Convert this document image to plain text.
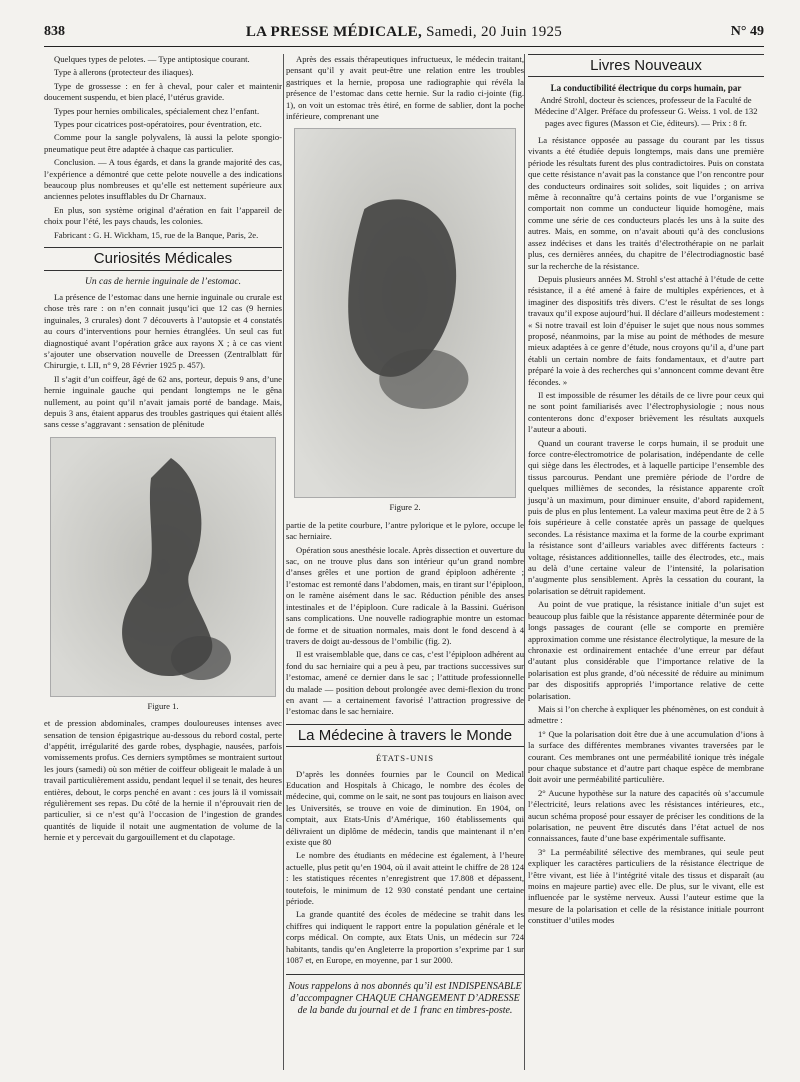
8​3​8	LA PRESSE MÉDICALE, Samedi, 20 Juin 1925	N° 49

Quelques types de pelotes. — Type antiptosique courant.

Type à allerons (protecteur des iliaques).

Type de grossesse : en fer à cheval, pour caler et maintenir doucement suspendu, et bien placé, l’utérus gravide.

Types pour hernies ombilicales, spécialement chez l’enfant.

Types pour cicatrices post-opératoires, pour éventration, etc.

Comme pour la sangle polyvalens, là aussi la pelote spongio-pneumatique peut être adaptée à chaque cas particulier.

Conclusion. — A tous égards, et dans la grande majorité des cas, l’expérience a démontré que cette pelote nouvelle a des indications beaucoup plus nombreuses et qu’elle est nettement supérieure aux anciennes pelotes insufflables du Dr Charnaux.

En plus, son système original d’aération en fait l’appareil de choix pour l’été, les pays chauds, les colonies.

Fabricant : G. H. Wickham, 15, rue de la Banque, Paris, 2e.

Curiosités Médicales
Un cas de hernie inguinale de l’estomac.

La présence de l’estomac dans une hernie inguinale ou crurale est chose très rare : on n’en connait jusqu’ici que 12 cas (9 hernies inguinales, 3 crurales) dont 7 découverts à l’autopsie et 4 constatés au cours d’interventions pour hernies étranglées. Un seul cas fut diagnostiqué avant l’opération grâce aux rayons X ; à ce cas vient s’ajouter une observation nouvelle de Dreessen (Zentralblatt für Chirurgie, t. LII, n° 9, 28 Février 1925 p. 457).

Il s’agit d’un coiffeur, âgé de 62 ans, porteur, depuis 9 ans, d’une hernie inguinale gauche qui pendant longtemps ne le gêna nullement, au point qu’il n’avait jamais porté de bandage. Mais, depuis 3 ans, étaient apparus des troubles gastriques qui étaient allés sans cesse s’aggravant : sensation de plénitude

Figure 1.

et de pression abdominales, crampes douloureuses intenses avec sensation de tension épigastrique au-dessous du rebord costal, perte d’appétit, irrégularité des garde robes, dysphagie, nausées, parfois vomissements profus. Ces derniers symptômes se montraient surtout les jours (samedi) où son métier de coiffeur obligeait le malade à un travail particulièrement assidu, pendant lequel il se tenait, des heures entières, debout, le corps penché en avant : ces jours là il vomissait régulièrement ses repas. Du côté de la hernie il n’éprouvait rien de particulier, si ce n’est qu’à l’occasion de l’ingestion de grandes quantités de liquide il notait une augmentation de volume de la hernie et y percevait du gargouillement et du clapotage.

Après des essais thérapeutiques infructueux, le médecin traitant, pensant qu’il y avait peut-être une relation entre les troubles gastriques et la hernie, proposa une radiographie qui révéla la présence de l’estomac dans cette hernie. Sur la radio ci-jointe (fig. 1), on voit un estomac très étiré, en forme de sablier, dont la poche inférieure, comprenant une

Figure 2.

partie de la petite courbure, l’antre pylorique et le pylore, occupe le sac herniaire.

Opération sous anesthésie locale. Après dissection et ouverture du sac, on ne trouve plus dans son intérieur qu’un grand nombre d’anses grêles et une portion de grand épiploon adhérente ; l’estomac est remonté dans l’abdomen, mais, en tirant sur l’épiploon, on le ramène aisément dans le sac. Réduction pénible des anses intestinales et de l’épiploon. Cure radicale à la Bassini. Guérison sans complications. Une nouvelle radiographie montre un estomac de forme et de situation normales, mais dont le fond descend à 4 travers de doigt au-dessous de l’ombilic (fig. 2).

Il est vraisemblable que, dans ce cas, c’est l’épiploon adhérent au fond du sac herniaire qui a peu à peu, par tractions successives sur l’estomac, amené ce dernier dans le sac ; l’attitude professionnelle du malade — position debout prolongée avec demi-flexion du tronc en avant — a certainement favorisé l’attraction progressive de l’estomac dans le sac herniaire.

La Médecine à travers le Monde
ÉTATS-UNIS

D’après les données fournies par le Council on Medical Education and Hospitals à Chicago, le nombre des écoles de médecine, qui, comme on le sait, ne sont pas toujours en liaison avec les Universités, se trouve en voie de diminution. En 1904, on comptait, aux Etats-Unis d’Amérique, 160 établissements qui délivraient un diplôme de médecin, tandis que maintenant il n’en existe que 80

Le nombre des étudiants en médecine est également, à l’heure actuelle, plus petit qu’en 1904, où il avait atteint le chiffre de 28 124 : les statistiques récentes n’enregistrent que 17.808 et dépassent, toutefois, le minimum de 12 930 constaté pendant une certaine période.

La grande quantité des écoles de médecine se trahit dans les chiffres qui indiquent le rapport entre la population générale et le corps médical. On compte, aux Etats Unis, un médecin sur 724 habitants, tandis qu’en Angleterre la proportion s’exprime par 1 sur 1087 et, en Europe, en moyenne, par 1 sur 2000.

Nous rappelons à nos abonnés qu’il est INDISPENSABLE d’accompagner CHAQUE CHANGEMENT D’ADRESSE de la bande du journal et de 1 franc en timbres-poste.
Livres Nouveaux
La conductibilité électrique du corps humain, par
André Strohl, docteur ès sciences, professeur de la Faculté de Médecine d’Alger. Préface du professeur G. Weiss. 1 vol. de 132 pages avec figures (Masson et Cie, éditeurs). — Prix : 8 fr.

La résistance opposée au passage du courant par les tissus vivants a été étudiée depuis longtemps, mais dans une première période les résultats furent des plus contradictoires. Puis on constata que cette résistance n’avait pas la constance que l’on rencontre pour des conducteurs ordinaires soit solides, soit liquides ; on arriva même à reconnaître qu’à certains points de vue l’organisme se comportait non comme un conducteur liquide homogène, mais comme une série de ces conducteurs placés les uns à la suite des autres. Mais, en somme, on n’avait abouti qu’à des conclusions assez indécises et dans les traités d’électrothérapie on ne parlait plus, ces dernières années, du chapitre de l’électrodiagnostic basé sur la recherche de la résistance.

Depuis plusieurs années M. Strohl s’est attaché à l’étude de cette résistance, il a été amené à faire de multiples expériences, et à imaginer des dispositifs très divers. C’est le résultat de ses longs travaux qu’il expose aujourd’hui. Il déclare d’ailleurs modestement : « Si notre travail est loin d’épuiser le sujet que nous nous sommes proposé, néanmoins, par la mise au point de méthodes de mesure mieux adaptées à ce genre d’étude, nous croyons qu’il a, d’une part établi un certain nombre de faits fondamentaux, et d’autre part préparé la voie à des recherches qui s’annoncent comme devant être fécondes. »

Il est impossible de résumer les détails de ce livre pour ceux qui ne sont point familiarisés avec l’électrophysiologie ; nous nous contenterons donc d’exposer brièvement les résultats auxquels l’auteur a abouti.

Quand un courant traverse le corps humain, il se produit une force contre-électromotrice de polarisation, indépendante de celle qui siège dans les électrodes, et à laquelle participe l’ensemble des tissus parcourus. Pendant une première période de l’ordre de quelques millièmes de secondes, la résistance apparente croît jusqu’à un maximum, pour diminuer ensuite, d’abord rapidement, puis de plus en plus lentement. La valeur maxima peut être de 2 à 5 fois supérieure à celle constatée après un passage de quelques secondes. La résistance maxima et la forme de la courbe exprimant la résistance sont d’ailleurs variables avec différents facteurs : voltage, résistances additionnelles, taille des électrodes, etc., mais au delà d’une certaine valeur de l’intensité, la polarisation n’augmente plus sensiblement. Après la cessation du courant, la polarisation se détruit rapidement.

Au point de vue pratique, la résistance initiale d’un sujet est beaucoup plus faible que la résistance apparente déterminée pour de longs passages de courant (elle se comporte en première approximation comme une résistance électrolytique, la mesure de la chronaxie est ordinairement entachée d’une erreur par défaut d’autant plus considérable que l’importance relative de la polarisation est plus grande, d’où nécessité de réduire au minimum par des dispositifs appropriés l’importance relative de cette polarisation.

Mais si l’on cherche à expliquer les phénomènes, on est conduit à admettre :

1° Que la polarisation doit être due à une accumulation d’ions à la surface des différentes membranes vivantes traversées par le courant. Ces membranes ont une perméabilité ionique très inégale pour chaque substance et d’autre part chaque espèce de membrane doit avoir une perméabilité particulière.

2° Aucune hypothèse sur la nature des capacités où s’accumule l’électricité, leurs relations avec les résistances intérieures, etc., aucun schéma proposé pour essayer de préciser les conditions de la polarisation, ne peuvent être discutés dans l’état actuel de nos connaissances, faute d’une base expérimentale suffisante.

3° La perméabilité sélective des membranes, qui seule peut expliquer les caractères particuliers de la résistance électrique de l’être vivant, est liée à l’intégrité vitale des tissus et disparaît (au moins en majeure partie) avec elle. De plus, sur le vivant, elle est influencée par le système nerveux. Aussi l’auteur estime que la mesure de la polarisation et celle de la résistance initiale pourront constituer d’utiles modes
